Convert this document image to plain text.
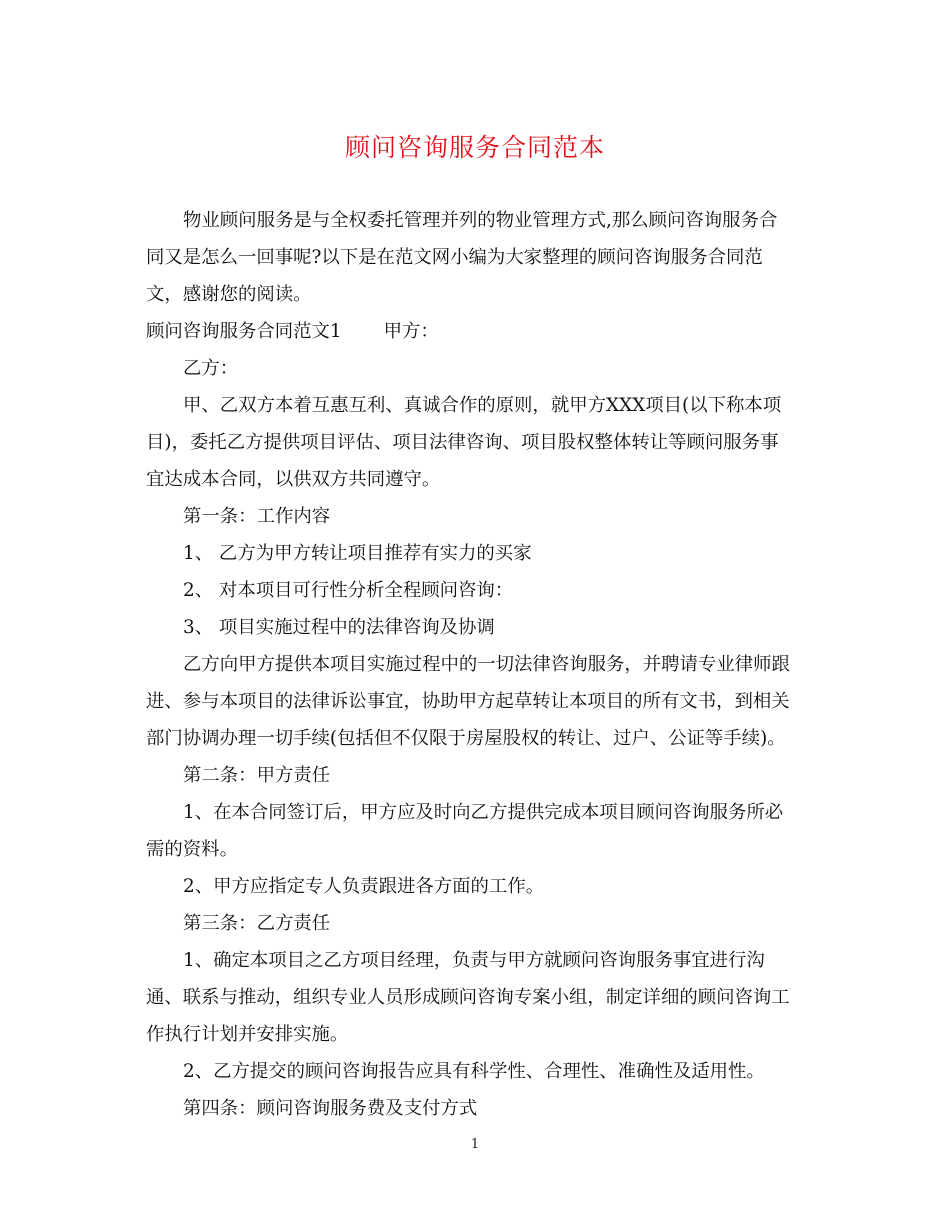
顾问咨询服务合同范本

物业顾问服务是与全权委托管理并列的物业管理方式,那么顾问咨询服务合

同又是怎么一回事呢?以下是在范文网小编为大家整理的顾问咨询服务合同范

文，感谢您的阅读。

顾问咨询服务合同范文1 甲方：

乙方：

甲、乙双方本着互惠互利、真诚合作的原则，就甲方XXX项目(以下称本项

目)，委托乙方提供项目评估、项目法律咨询、项目股权整体转让等顾问服务事

宜达成本合同，以供双方共同遵守。

第一条：工作内容

1、 乙方为甲方转让项目推荐有实力的买家

2、 对本项目可行性分析全程顾问咨询：

3、 项目实施过程中的法律咨询及协调

乙方向甲方提供本项目实施过程中的一切法律咨询服务，并聘请专业律师跟

进、参与本项目的法律诉讼事宜，协助甲方起草转让本项目的所有文书，到相关

部门协调办理一切手续(包括但不仅限于房屋股权的转让、过户、公证等手续)。

第二条：甲方责任

1、在本合同签订后，甲方应及时向乙方提供完成本项目顾问咨询服务所必

需的资料。

2、甲方应指定专人负责跟进各方面的工作。

第三条：乙方责任

1、确定本项目之乙方项目经理，负责与甲方就顾问咨询服务事宜进行沟

通、联系与推动，组织专业人员形成顾问咨询专案小组，制定详细的顾问咨询工

作执行计划并安排实施。

2、乙方提交的顾问咨询报告应具有科学性、合理性、准确性及适用性。

第四条：顾问咨询服务费及支付方式

1
